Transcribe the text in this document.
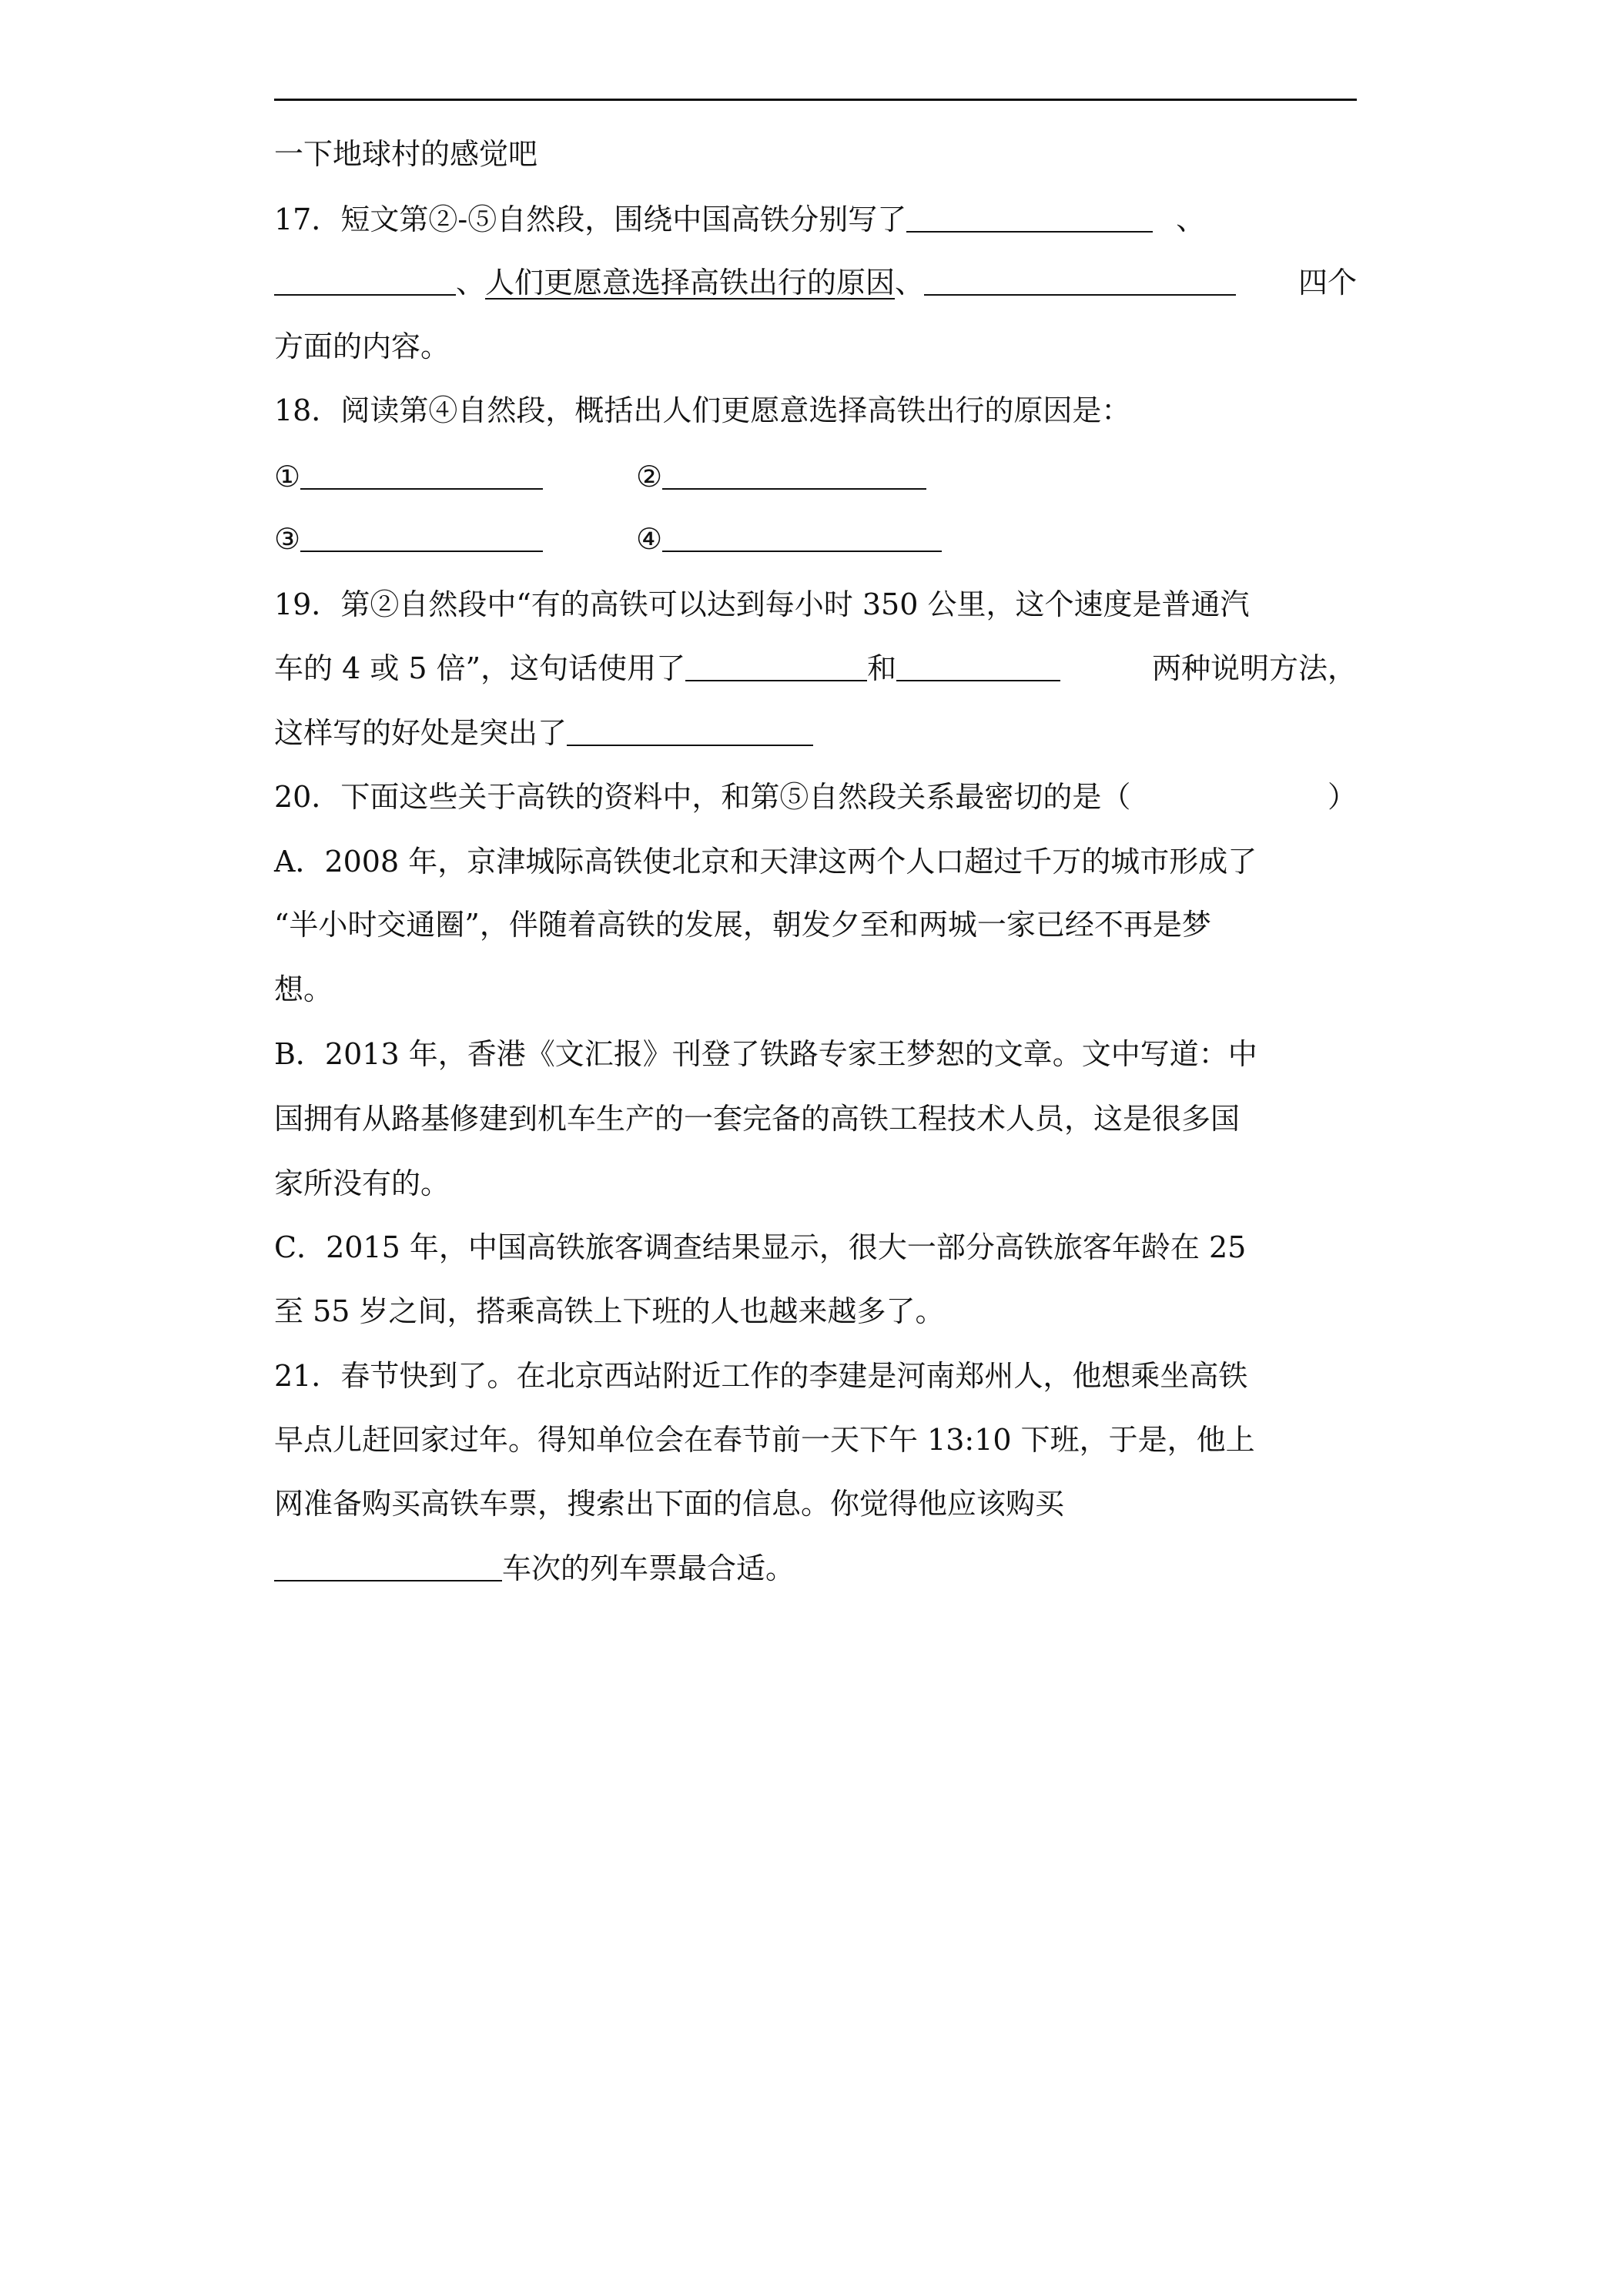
一下地球村的感觉吧
17．短文第②-⑤自然段，围绕中国高铁分别写了	、
、人们更愿意选择高铁出行的原因、	四个
方面的内容。
18．阅读第④自然段，概括出人们更愿意选择高铁出行的原因是：
①	②
③	④
19．第②自然段中“有的高铁可以达到每小时 350 公里，这个速度是普通汽
车的 4 或 5 倍”，这句话使用了	和	两种说明方法，
这样写的好处是突出了
20．下面这些关于高铁的资料中，和第⑤自然段关系最密切的是（	）
A．2008 年，京津城际高铁使北京和天津这两个人口超过千万的城市形成了
“半小时交通圈”，伴随着高铁的发展，朝发夕至和两城一家已经不再是梦
想。
B．2013 年，香港《文汇报》刊登了铁路专家王梦恕的文章。文中写道：中
国拥有从路基修建到机车生产的一套完备的高铁工程技术人员，这是很多国
家所没有的。
C．2015 年，中国高铁旅客调查结果显示，很大一部分高铁旅客年龄在 25
至 55 岁之间，搭乘高铁上下班的人也越来越多了。
21．春节快到了。在北京西站附近工作的李建是河南郑州人，他想乘坐高铁
早点儿赶回家过年。得知单位会在春节前一天下午 13:10 下班，于是，他上
网准备购买高铁车票，搜索出下面的信息。你觉得他应该购买
车次的列车票最合适。
